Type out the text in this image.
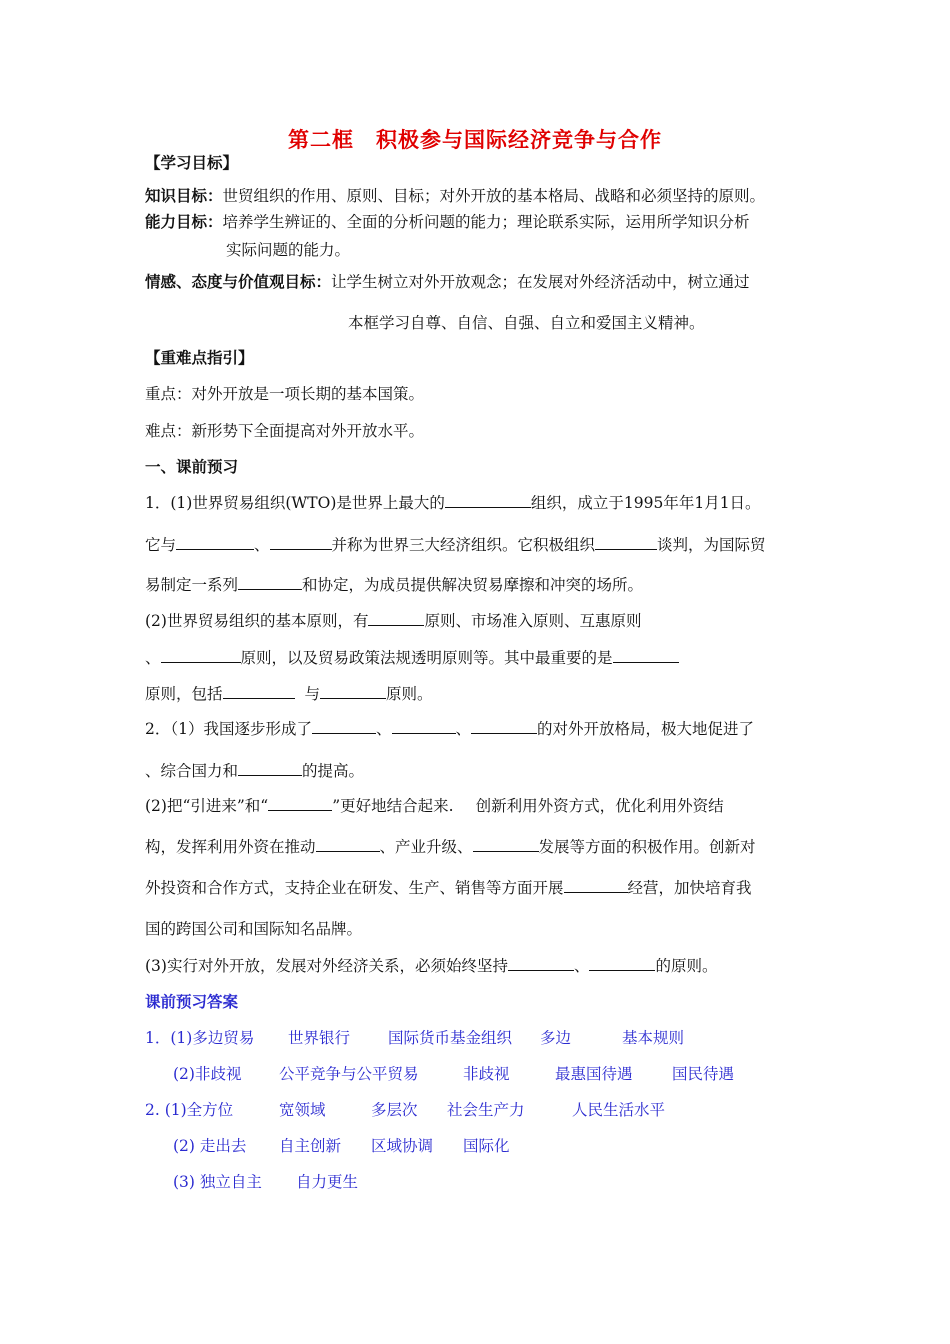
第二框　积极参与国际经济竞争与合作
【学习目标】
知识目标：世贸组织的作用、原则、目标；对外开放的基本格局、战略和必须坚持的原则。
能力目标：培养学生辨证的、全面的分析问题的能力；理论联系实际，运用所学知识分析
实际问题的能力。
情感、态度与价值观目标：让学生树立对外开放观念；在发展对外经济活动中，树立通过
本框学习自尊、自信、自强、自立和爱国主义精神。
【重难点指引】
重点：对外开放是一项长期的基本国策。
难点：新形势下全面提高对外开放水平。
一、课前预习
1．(1)世界贸易组织(WTO)是世界上最大的	组织，成立于1995年年1月1日。
它与	、	并称为世界三大经济组织。它积极组织	谈判，为国际贸
易制定一系列	和协定，为成员提供解决贸易摩擦和冲突的场所。
(2)世界贸易组织的基本原则，有	原则、市场准入原则、互惠原则
、	原则，以及贸易政策法规透明原则等。其中最重要的是
原则，包括	与	原则。
2．（1）我国逐步形成了	、	、	的对外开放格局，极大地促进了
、综合国力和	的提高。
(2)把“引进来”和“	”更好地结合起来. 创新利用外资方式，优化利用外资结
构，发挥利用外资在推动	、产业升级、	发展等方面的积极作用。创新对
外投资和合作方式，支持企业在研发、生产、销售等方面开展	经营，加快培育我
国的跨国公司和国际知名品牌。
(3)实行对外开放，发展对外经济关系，必须始终坚持	、	的原则。
课前预习答案
1．(1)多边贸易 世界银行 国际货币基金组织 多边	基本规则
(2)非歧视 公平竞争与公平贸易	非歧视	最惠国待遇	国民待遇
2. (1)全方位	宽领域	多层次 社会生产力	人民生活水平
(2) 走出去 自主创新 区域协调 国际化
(3) 独立自主 自力更生
